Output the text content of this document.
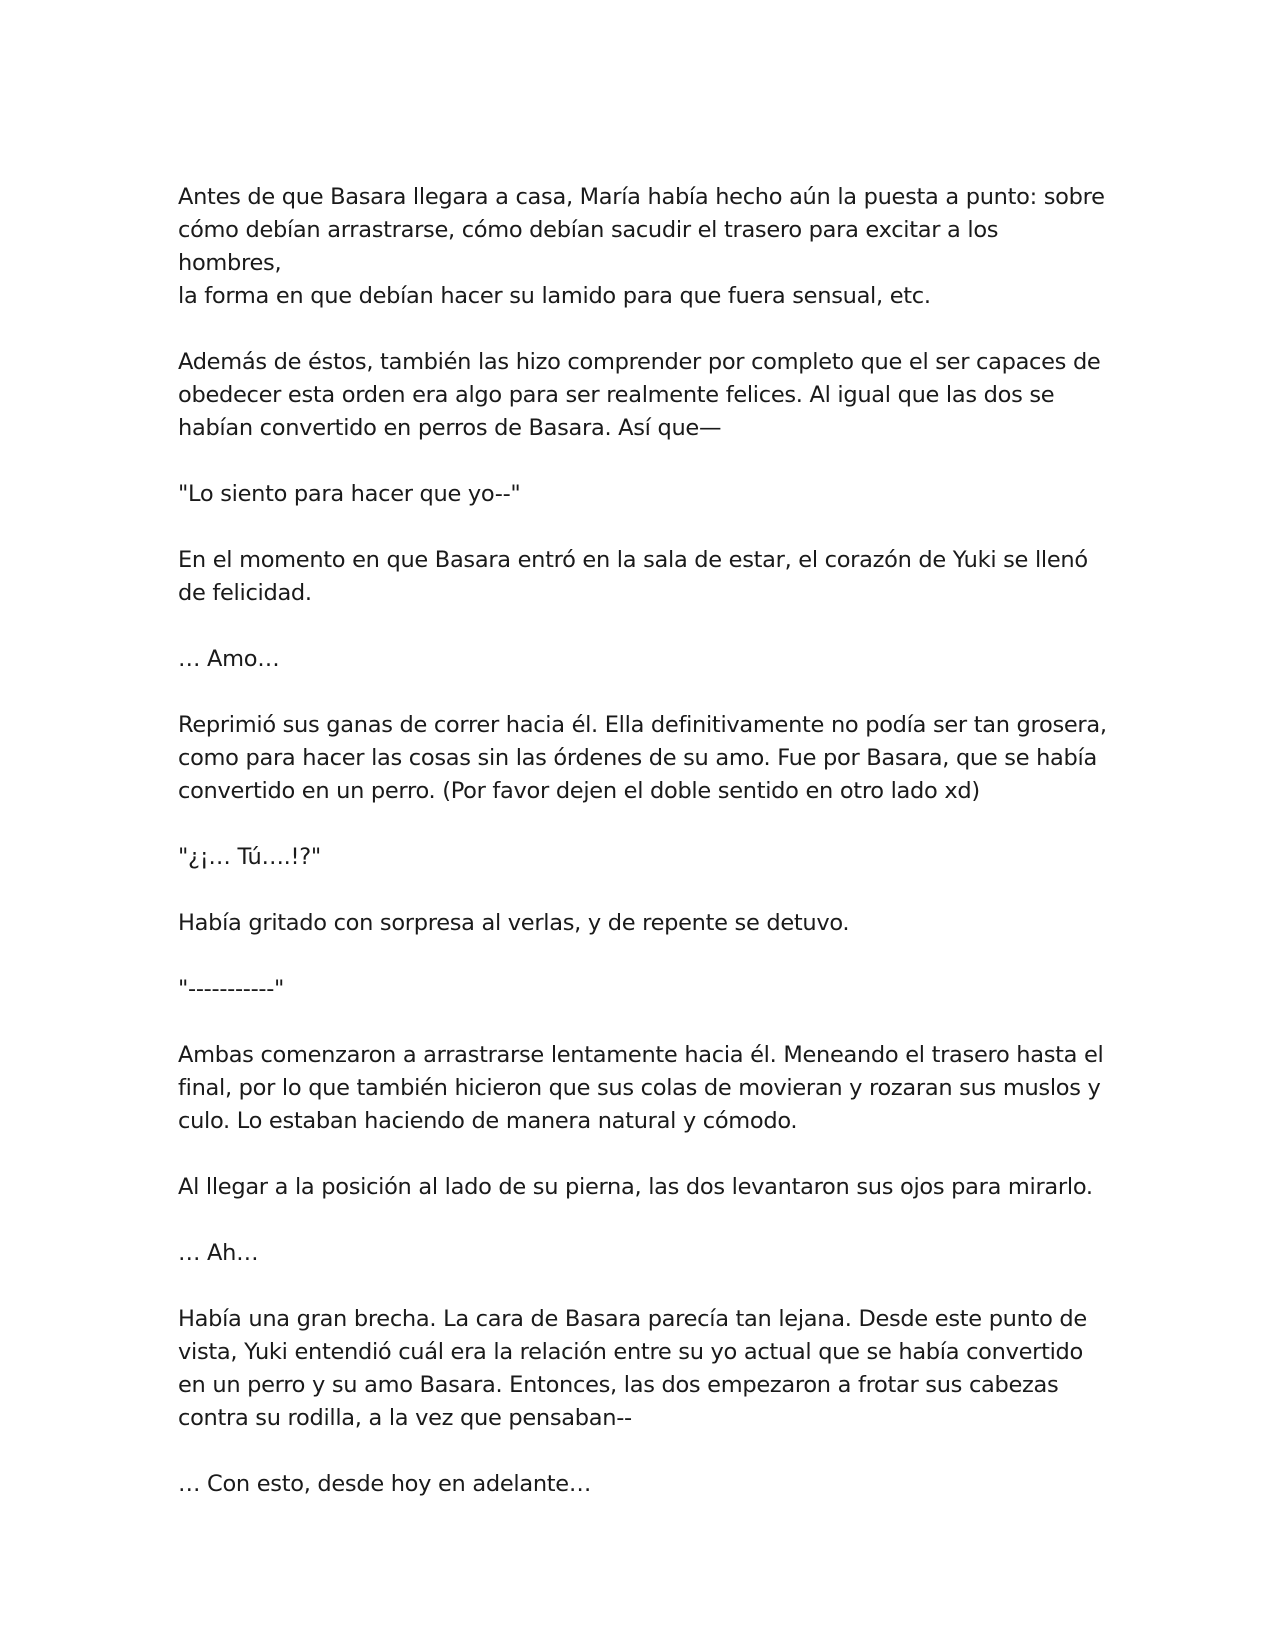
Antes de que Basara llegara a casa, María había hecho aún la puesta a punto: sobre
cómo debían arrastrarse, cómo debían sacudir el trasero para excitar a los hombres,
la forma en que debían hacer su lamido para que fuera sensual, etc.

Además de éstos, también las hizo comprender por completo que el ser capaces de
obedecer esta orden era algo para ser realmente felices. Al igual que las dos se
habían convertido en perros de Basara. Así que—

"Lo siento para hacer que yo--"

En el momento en que Basara entró en la sala de estar, el corazón de Yuki se llenó
de felicidad.

… Amo…

Reprimió sus ganas de correr hacia él. Ella definitivamente no podía ser tan grosera,
como para hacer las cosas sin las órdenes de su amo. Fue por Basara, que se había
convertido en un perro. (Por favor dejen el doble sentido en otro lado xd)

"¿¡… Tú….!?"

Había gritado con sorpresa al verlas, y de repente se detuvo.

"-----------"

Ambas comenzaron a arrastrarse lentamente hacia él. Meneando el trasero hasta el
final, por lo que también hicieron que sus colas de movieran y rozaran sus muslos y
culo. Lo estaban haciendo de manera natural y cómodo.

Al llegar a la posición al lado de su pierna, las dos levantaron sus ojos para mirarlo.

… Ah…

Había una gran brecha. La cara de Basara parecía tan lejana. Desde este punto de
vista, Yuki entendió cuál era la relación entre su yo actual que se había convertido
en un perro y su amo Basara. Entonces, las dos empezaron a frotar sus cabezas
contra su rodilla, a la vez que pensaban--

… Con esto, desde hoy en adelante…
